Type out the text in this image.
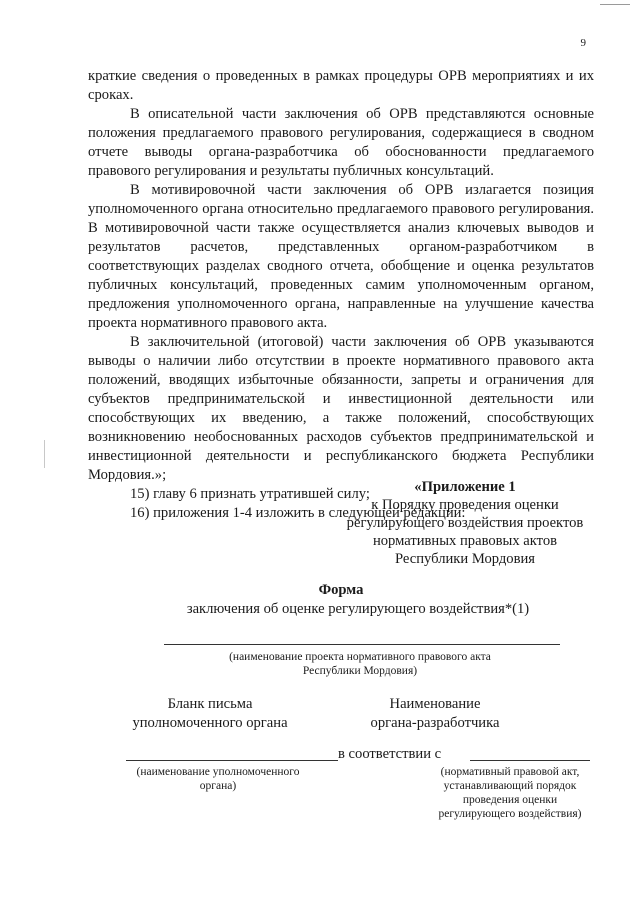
9

краткие сведения о проведенных в рамках процедуры ОРВ мероприятиях и их сроках.

В описательной части заключения об ОРВ представляются основные положения предлагаемого правового регулирования, содержащиеся в сводном отчете выводы органа-разработчика об обоснованности предлагаемого правового регулирования и результаты публичных консультаций.

В мотивировочной части заключения об ОРВ излагается позиция уполномоченного органа относительно предлагаемого правового регулирования. В мотивировочной части также осуществляется анализ ключевых выводов и результатов расчетов, представленных органом-разработчиком в соответствующих разделах сводного отчета, обобщение и оценка результатов публичных консультаций, проведенных самим уполномоченным органом, предложения уполномоченного органа, направленные на улучшение качества проекта нормативного правового акта.

В заключительной (итоговой) части заключения об ОРВ указываются выводы о наличии либо отсутствии в проекте нормативного правового акта положений, вводящих избыточные обязанности, запреты и ограничения для субъектов предпринимательской и инвестиционной деятельности или способствующих их введению, а также положений, способствующих возникновению необоснованных расходов субъектов предпринимательской и инвестиционной деятельности и республиканского бюджета Республики Мордовия.»;

15) главу 6 признать утратившей силу;

16) приложения 1-4 изложить в следующей редакции:

«Приложение 1
к Порядку проведения оценки
регулирующего воздействия проектов
нормативных правовых актов
Республики Мордовия
Форма
заключения об оценке регулирующего воздействия*(1)
(наименование проекта нормативного правового акта
Республики Мордовия)
Бланк письма
уполномоченного органа
Наименование
органа-разработчика
в соответствии с
(наименование уполномоченного
органа)
(нормативный правовой акт,
устанавливающий порядок
проведения оценки
регулирующего воздействия)
